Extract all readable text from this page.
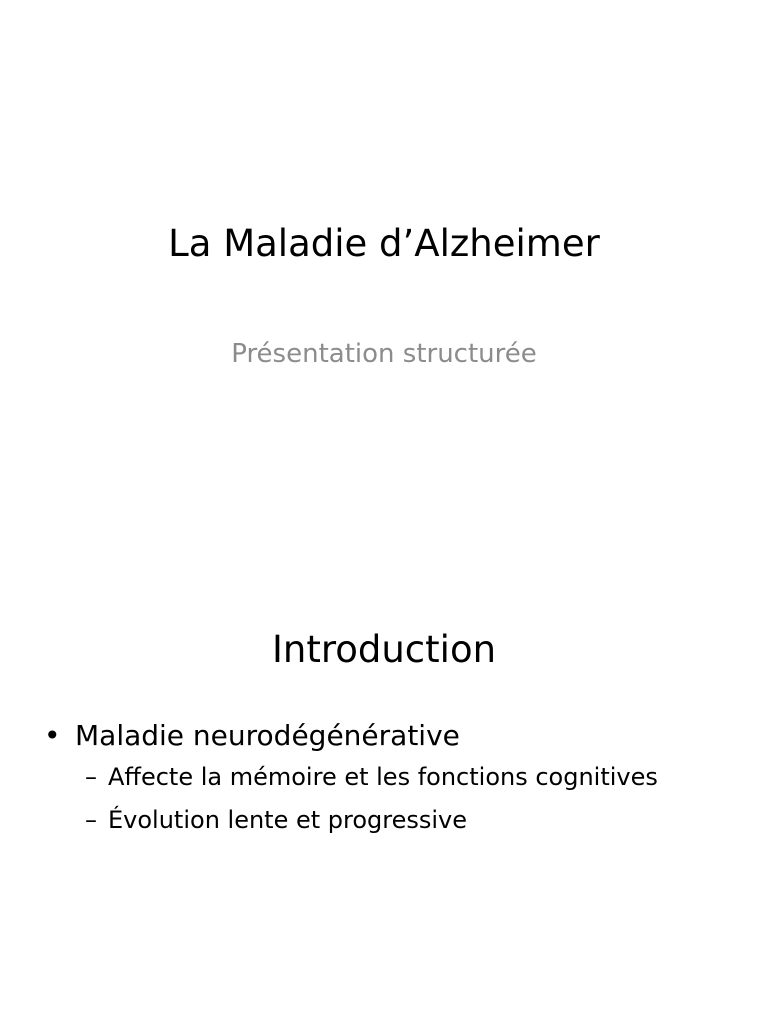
La Maladie d’Alzheimer
Présentation structurée
Introduction
• Maladie neurodégénérative
– Affecte la mémoire et les fonctions cognitives
– Évolution lente et progressive
